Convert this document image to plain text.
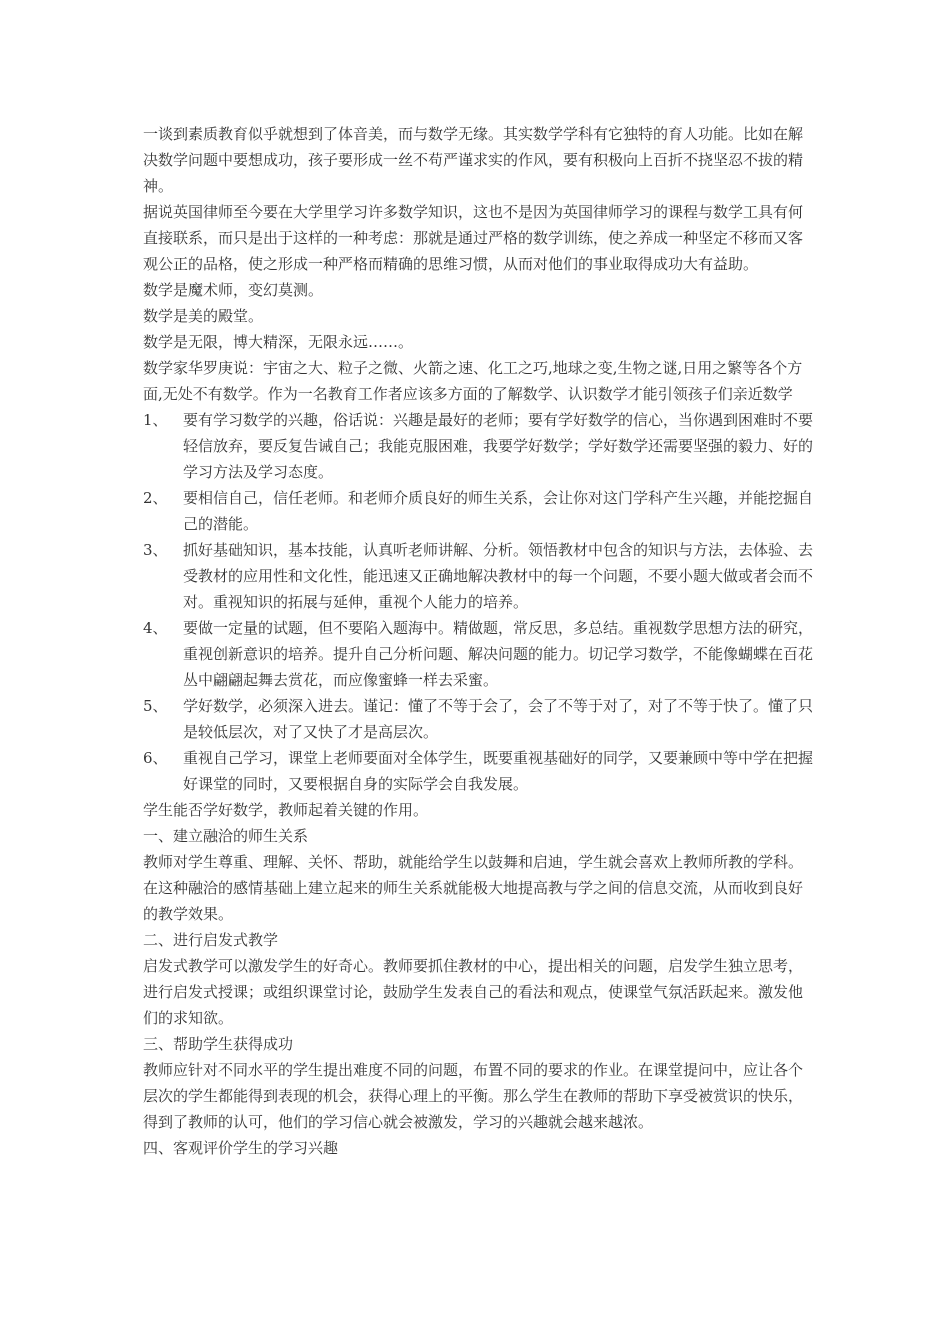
一谈到素质教育似乎就想到了体音美，而与数学无缘。其实数学学科有它独特的育人功能。比如在解决数学问题中要想成功，孩子要形成一丝不苟严谨求实的作风，要有积极向上百折不挠坚忍不拔的精神。

据说英国律师至今要在大学里学习许多数学知识，这也不是因为英国律师学习的课程与数学工具有何直接联系，而只是出于这样的一种考虑：那就是通过严格的数学训练，使之养成一种坚定不移而又客观公正的品格，使之形成一种严格而精确的思维习惯，从而对他们的事业取得成功大有益助。

数学是魔术师，变幻莫测。

数学是美的殿堂。

数学是无限，博大精深，无限永远……。

数学家华罗庚说：宇宙之大、粒子之微、火箭之速、化工之巧,地球之变,生物之谜,日用之繁等各个方面,无处不有数学。作为一名教育工作者应该多方面的了解数学、认识数学才能引领孩子们亲近数学

1、	要有学习数学的兴趣，俗话说：兴趣是最好的老师；要有学好数学的信心，当你遇到困难时不要轻信放弃，要反复告诫自己；我能克服困难，我要学好数学；学好数学还需要坚强的毅力、好的学习方法及学习态度。
2、	要相信自己，信任老师。和老师介质良好的师生关系，会让你对这门学科产生兴趣，并能挖掘自己的潜能。
3、	抓好基础知识，基本技能，认真听老师讲解、分析。领悟教材中包含的知识与方法，去体验、去受教材的应用性和文化性，能迅速又正确地解决教材中的每一个问题，不要小题大做或者会而不对。重视知识的拓展与延伸，重视个人能力的培养。
4、	要做一定量的试题，但不要陷入题海中。精做题，常反思，多总结。重视数学思想方法的研究，重视创新意识的培养。提升自己分析问题、解决问题的能力。切记学习数学，不能像蝴蝶在百花丛中翩翩起舞去赏花，而应像蜜蜂一样去采蜜。
5、	学好数学，必须深入进去。谨记：懂了不等于会了，会了不等于对了，对了不等于快了。懂了只是较低层次，对了又快了才是高层次。
6、	重视自己学习，课堂上老师要面对全体学生，既要重视基础好的同学，又要兼顾中等中学在把握好课堂的同时，又要根据自身的实际学会自我发展。

学生能否学好数学，教师起着关键的作用。

一、建立融洽的师生关系

教师对学生尊重、理解、关怀、帮助，就能给学生以鼓舞和启迪，学生就会喜欢上教师所教的学科。在这种融洽的感情基础上建立起来的师生关系就能极大地提高教与学之间的信息交流，从而收到良好的教学效果。

二、进行启发式教学

启发式教学可以激发学生的好奇心。教师要抓住教材的中心，提出相关的问题，启发学生独立思考，进行启发式授课；或组织课堂讨论，鼓励学生发表自己的看法和观点，使课堂气氛活跃起来。激发他们的求知欲。

三、帮助学生获得成功

教师应针对不同水平的学生提出难度不同的问题，布置不同的要求的作业。在课堂提问中，应让各个层次的学生都能得到表现的机会，获得心理上的平衡。那么学生在教师的帮助下享受被赏识的快乐，得到了教师的认可，他们的学习信心就会被激发，学习的兴趣就会越来越浓。

四、客观评价学生的学习兴趣
